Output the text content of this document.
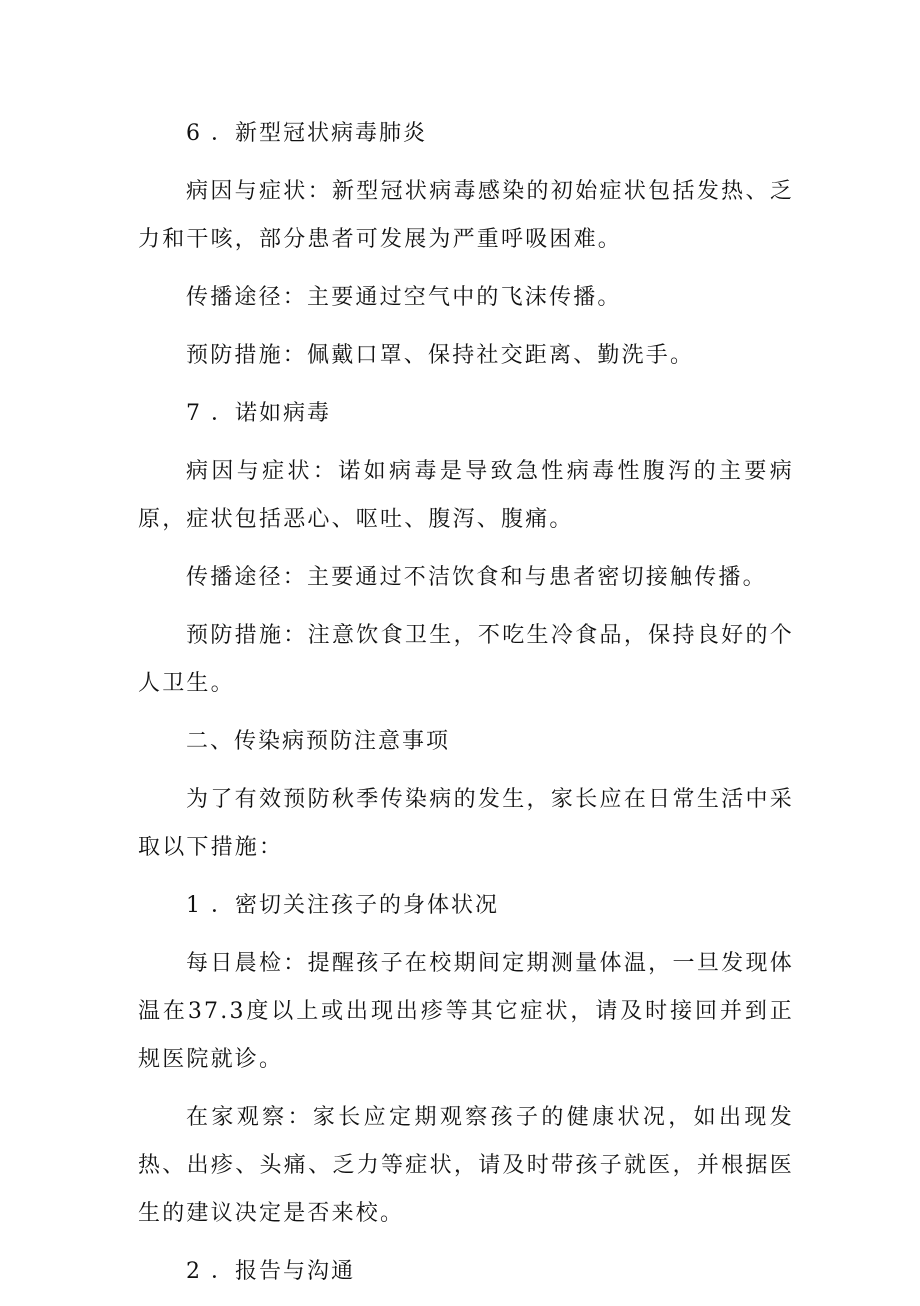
6 ．新型冠状病毒肺炎

病因与症状：新型冠状病毒感染的初始症状包括发热、乏力和干咳，部分患者可发展为严重呼吸困难。

传播途径：主要通过空气中的飞沫传播。

预防措施：佩戴口罩、保持社交距离、勤洗手。

7 ．诺如病毒

病因与症状：诺如病毒是导致急性病毒性腹泻的主要病原，症状包括恶心、呕吐、腹泻、腹痛。

传播途径：主要通过不洁饮食和与患者密切接触传播。

预防措施：注意饮食卫生，不吃生冷食品，保持良好的个人卫生。

二、传染病预防注意事项

为了有效预防秋季传染病的发生，家长应在日常生活中采取以下措施：

1 ．密切关注孩子的身体状况

每日晨检：提醒孩子在校期间定期测量体温，一旦发现体温在37.3度以上或出现出疹等其它症状，请及时接回并到正规医院就诊。

在家观察：家长应定期观察孩子的健康状况，如出现发热、出疹、头痛、乏力等症状，请及时带孩子就医，并根据医生的建议决定是否来校。

2 ．报告与沟通
